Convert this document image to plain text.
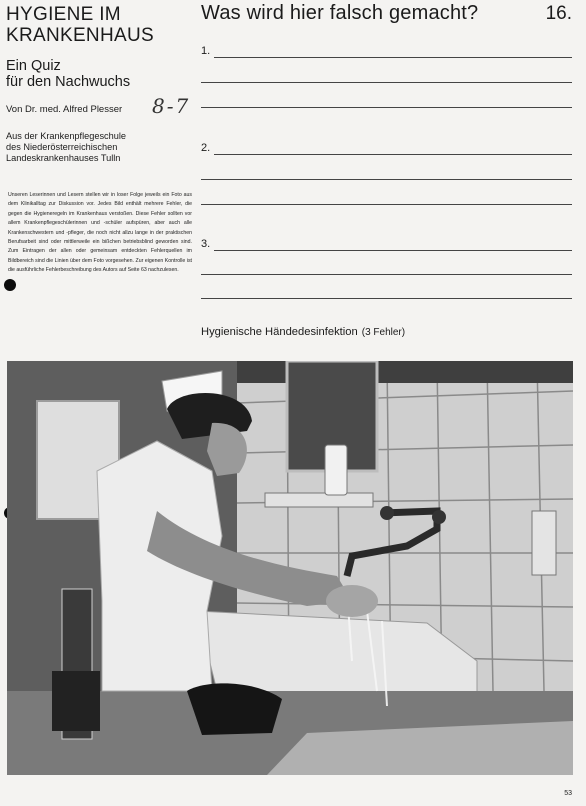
HYGIENE IM
KRANKENHAUS
Ein Quiz
für den Nachwuchs
Von Dr. med. Alfred Plesser 8-7
Aus der Krankenpflegeschule
des Niederösterreichischen
Landeskrankenhauses Tulln
Unseren Leserinnen und Lesern stellen wir in loser Folge jeweils ein Foto aus dem Klinikalltag zur Diskussion vor. Jedes Bild enthält mehrere Fehler, die gegen die Hygieneregeln im Krankenhaus verstoßen. Diese Fehler sollten vor allem Krankenpflegeschülerinnen und -schüler aufspüren, aber auch alle Krankenschwestern und -pfleger, die noch nicht allzu lange in der praktischen Berufsarbeit sind oder mittlerweile ein bißchen betriebsblind geworden sind. Zum Eintragen der allen oder gemeinsam entdeckten Fehlerquellen im Bildbereich sind die Linien über dem Foto vorgesehen. Zur eigenen Kontrolle ist die ausführliche Fehlerbeschreibung des Autors auf Seite 63 nachzulesen.
Was wird hier falsch gemacht?	16.
1.
2.
3.
Hygienische Händedesinfektion (3 Fehler)
53
